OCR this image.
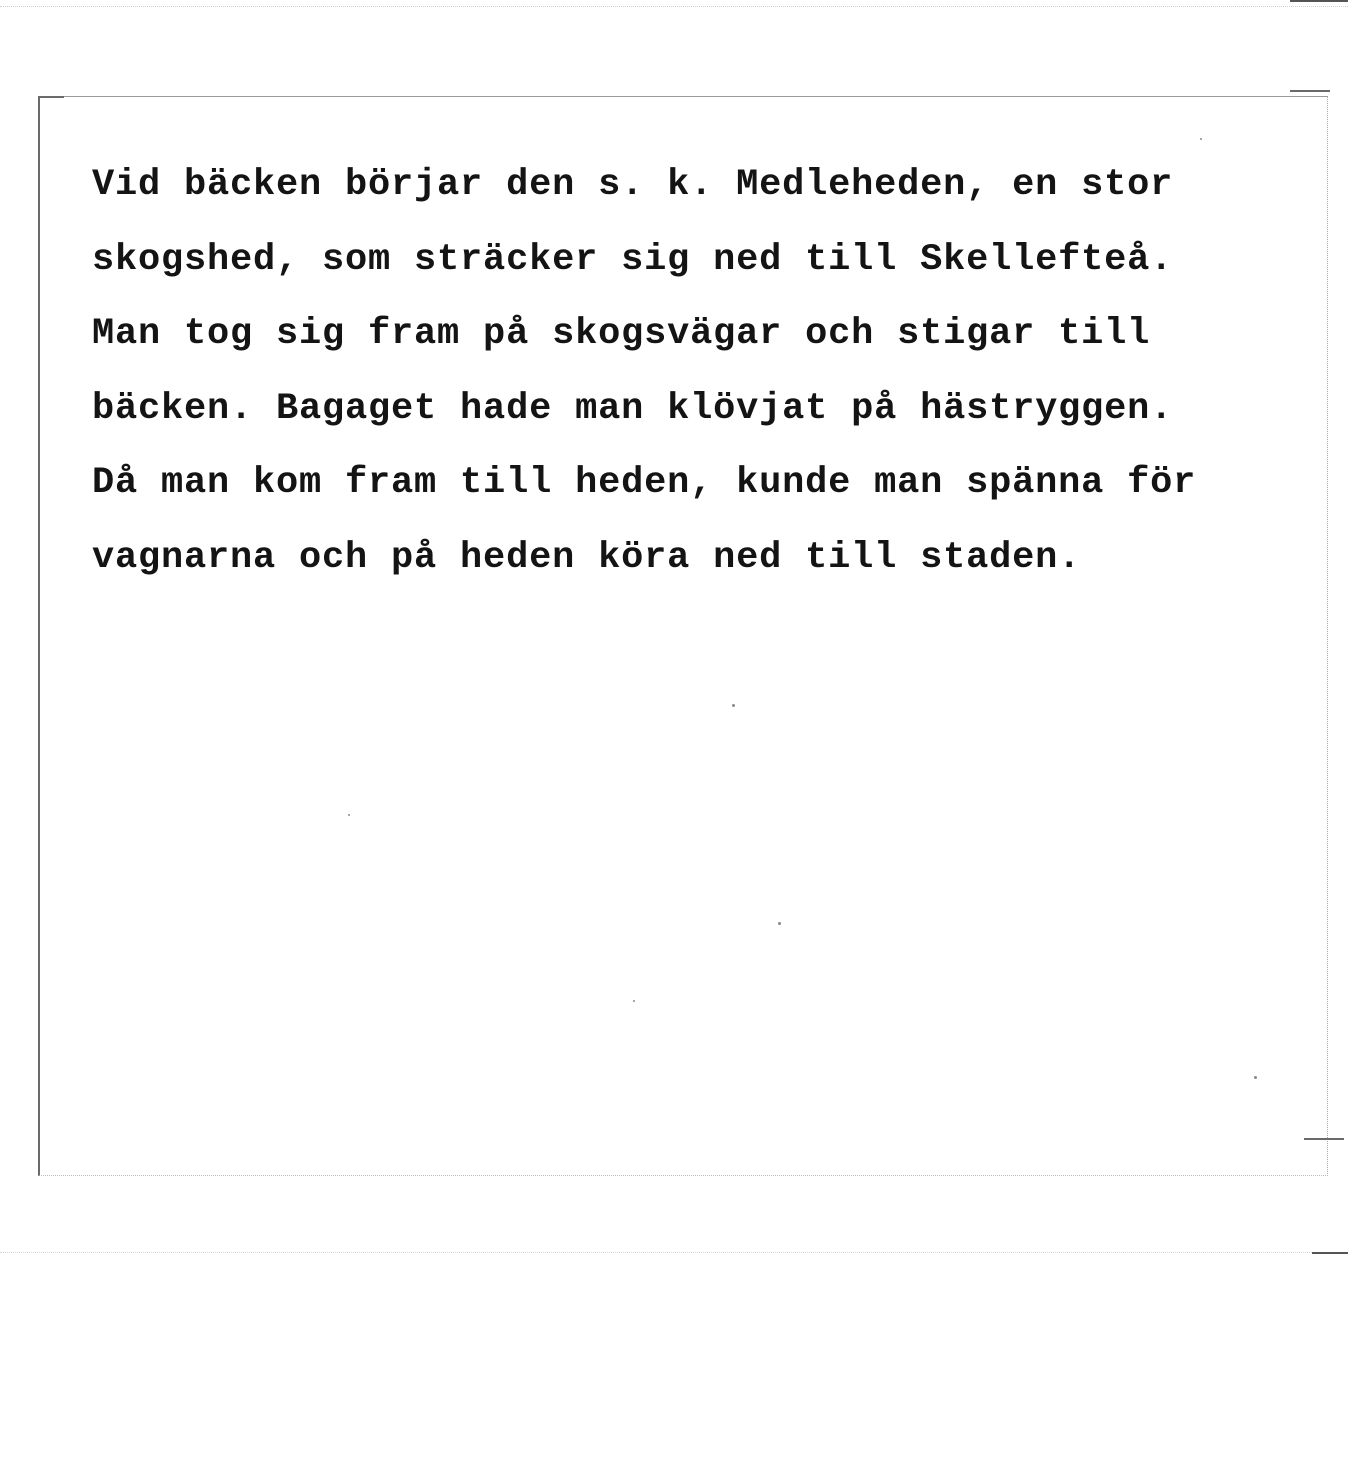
Vid bäcken börjar den s. k. Medleheden, en stor
skogshed, som sträcker sig ned till Skellefteå.
Man tog sig fram på skogsvägar och stigar till
bäcken. Bagaget hade man klövjat på hästryggen.
Då man kom fram till heden, kunde man spänna för
vagnarna och på heden köra ned till staden.
